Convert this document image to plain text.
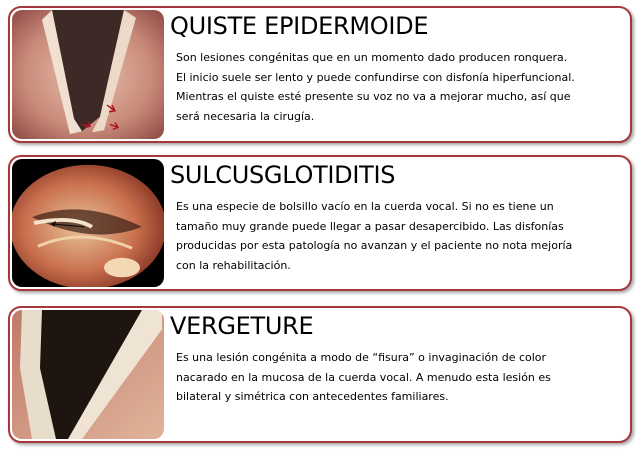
QUISTE EPIDERMOIDE
Son lesiones congénitas que en un momento dado producen ronquera.
El inicio suele ser lento y puede confundirse con disfonía hiperfuncional.
Mientras el quiste esté presente su voz no va a mejorar mucho, así que
será necesaria la cirugía.
SULCUSGLOTIDITIS
Es una especie de bolsillo vacío en la cuerda vocal. Si no es tiene un
tamaño muy grande puede llegar a pasar desapercibido. Las disfonías
producidas por esta patología no avanzan y el paciente no nota mejoría
con la rehabilitación.
VERGETURE
Es una lesión congénita a modo de “fisura” o invaginación de color
nacarado en la mucosa de la cuerda vocal. A menudo esta lesión es
bilateral y simétrica con antecedentes familiares.
